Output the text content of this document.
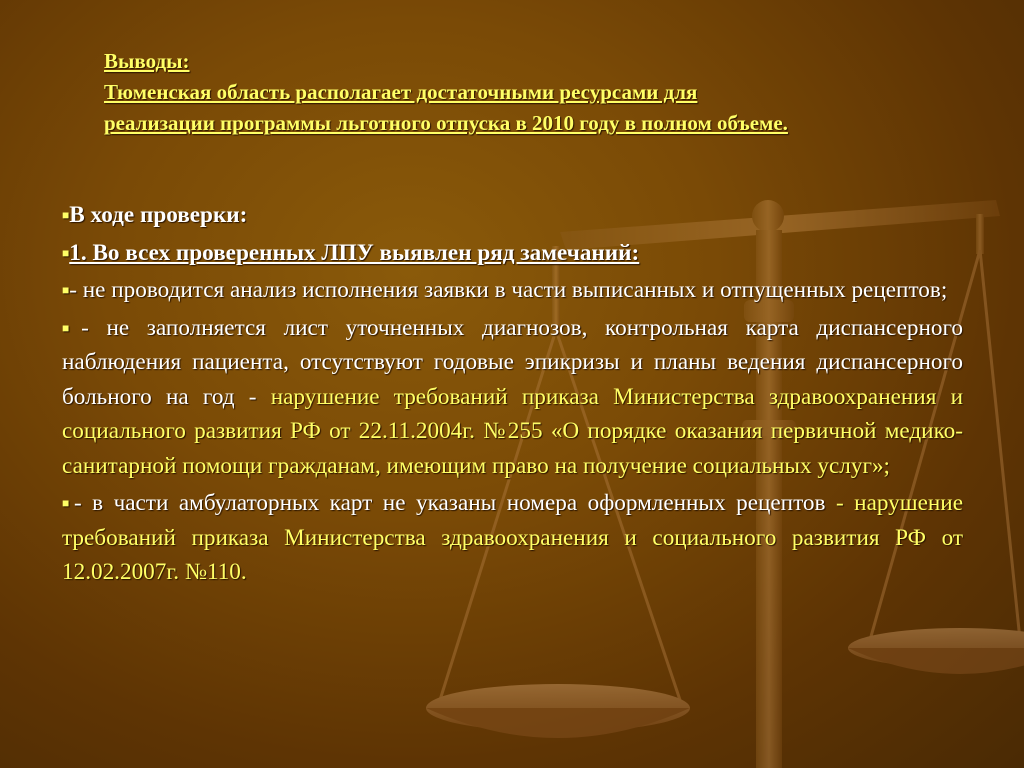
Выводы:
Тюменская область располагает достаточными ресурсами для
реализации программы льготного отпуска в 2010 году в полном объеме.
■В ходе проверки:
■1. Во всех проверенных ЛПУ выявлен ряд замечаний:
■- не проводится анализ исполнения заявки в части выписанных и отпущенных рецептов;
■- не заполняется лист уточненных диагнозов, контрольная карта диспансерного наблюдения пациента, отсутствуют годовые эпикризы и планы ведения диспансерного больного на год - нарушение требований приказа Министерства здравоохранения и социального развития РФ от 22.11.2004г. №255 «О порядке оказания первичной медико-санитарной помощи гражданам, имеющим право на получение социальных услуг»;
■- в части амбулаторных карт не указаны номера оформленных рецептов - нарушение требований приказа Министерства здравоохранения и социального развития РФ от 12.02.2007г. №110.
